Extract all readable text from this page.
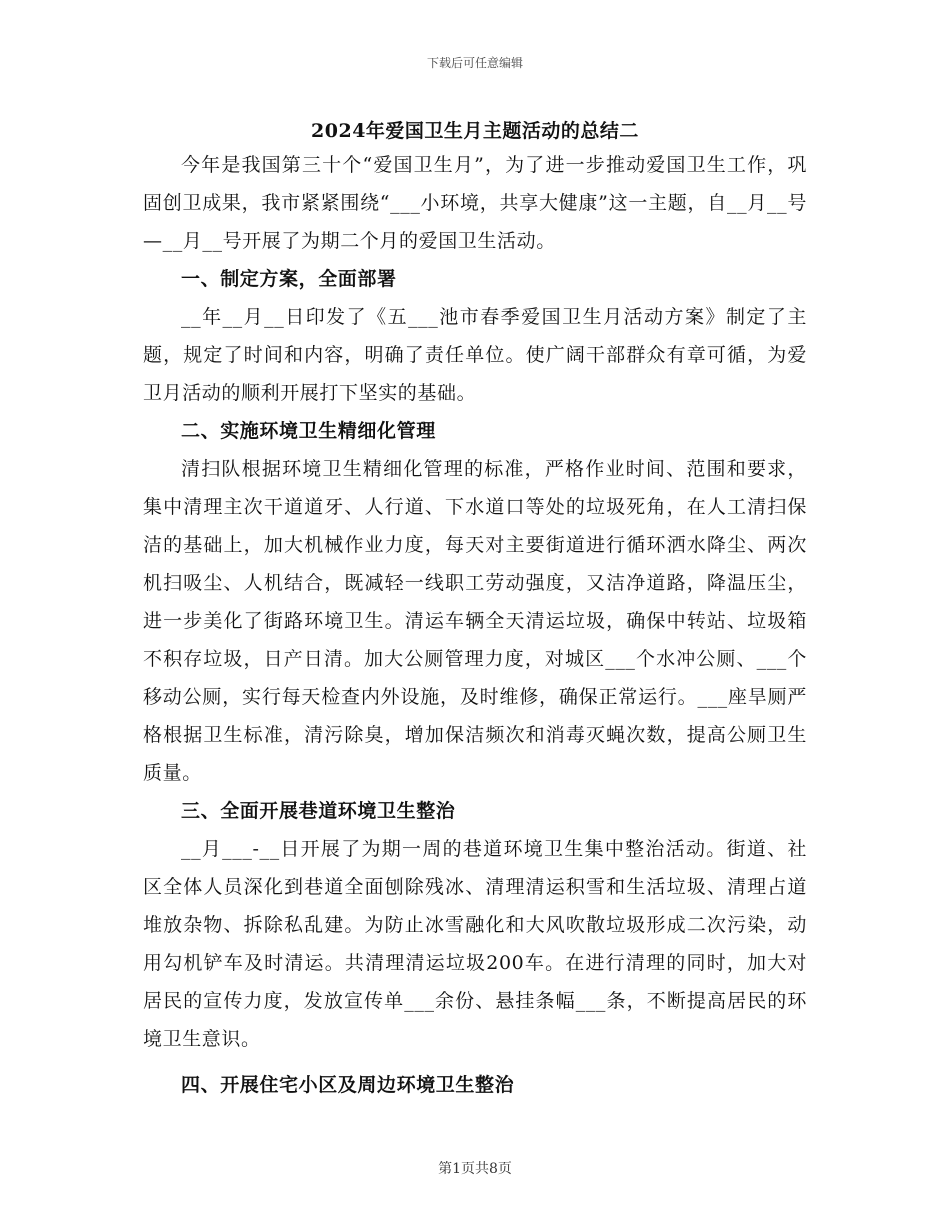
下载后可任意编辑
2024年爱国卫生月主题活动的总结二

今年是我国第三十个“爱国卫生月”，为了进一步推动爱国卫生工作，巩固创卫成果，我市紧紧围绕“___小环境，共享大健康”这一主题，自__月__号—__月__号开展了为期二个月的爱国卫生活动。

一、制定方案，全面部署

__年__月__日印发了《五___池市春季爱国卫生月活动方案》制定了主题，规定了时间和内容，明确了责任单位。使广阔干部群众有章可循，为爱卫月活动的顺利开展打下坚实的基础。

二、实施环境卫生精细化管理

清扫队根据环境卫生精细化管理的标准，严格作业时间、范围和要求，集中清理主次干道道牙、人行道、下水道口等处的垃圾死角，在人工清扫保洁的基础上，加大机械作业力度，每天对主要街道进行循环洒水降尘、两次机扫吸尘、人机结合，既减轻一线职工劳动强度，又洁净道路，降温压尘，进一步美化了街路环境卫生。清运车辆全天清运垃圾，确保中转站、垃圾箱不积存垃圾，日产日清。加大公厕管理力度，对城区___个水冲公厕、___个移动公厕，实行每天检查内外设施，及时维修，确保正常运行。___座旱厕严格根据卫生标准，清污除臭，增加保洁频次和消毒灭蝇次数，提高公厕卫生质量。

三、全面开展巷道环境卫生整治

__月___-__日开展了为期一周的巷道环境卫生集中整治活动。街道、社区全体人员深化到巷道全面刨除残冰、清理清运积雪和生活垃圾、清理占道堆放杂物、拆除私乱建。为防止冰雪融化和大风吹散垃圾形成二次污染，动用勾机铲车及时清运。共清理清运垃圾200车。在进行清理的同时，加大对居民的宣传力度，发放宣传单___余份、悬挂条幅___条，不断提高居民的环境卫生意识。

四、开展住宅小区及周边环境卫生整治

第1页共8页
